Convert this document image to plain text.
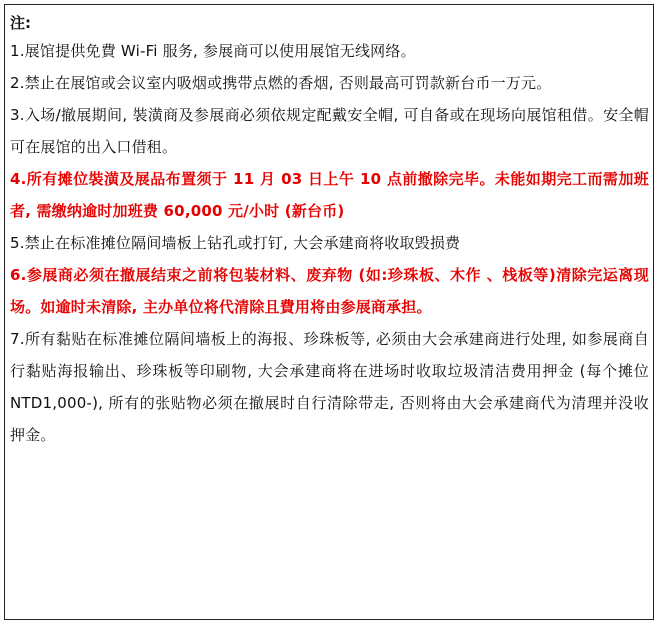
注:

1.展馆提供免費 Wi-Fi 服务, 参展商可以使用展馆无线网络。

2.禁止在展馆或会议室内吸烟或携带点燃的香烟, 否则最高可罚款新台币一万元。

3.入场/撤展期间, 裝潢商及参展商必须依规定配戴安全帽, 可自备或在现场向展馆租借。安全帽可在展馆的出入口借租。

4.所有摊位裝潢及展品布置须于 11 月 03 日上午 10 点前撤除完毕。未能如期完工而需加班者, 需缴纳逾时加班费 60,000 元/小时 (新台币)

5.禁止在标准摊位隔间墙板上钻孔或打钉, 大会承建商将收取毁损费

6.参展商必须在撤展结束之前将包装材料、废弃物 (如:珍珠板、木作 、栈板等)清除完运离现场。如逾时未清除, 主办单位将代清除且費用将由参展商承担。

7.所有黏贴在标准摊位隔间墙板上的海报、珍珠板等, 必须由大会承建商进行处理, 如参展商自行黏贴海报输出、珍珠板等印刷物, 大会承建商将在进场时收取垃圾清洁费用押金 (每个摊位 NTD1,000-), 所有的张贴物必须在撤展时自行清除带走, 否则将由大会承建商代为清理并没收押金。
